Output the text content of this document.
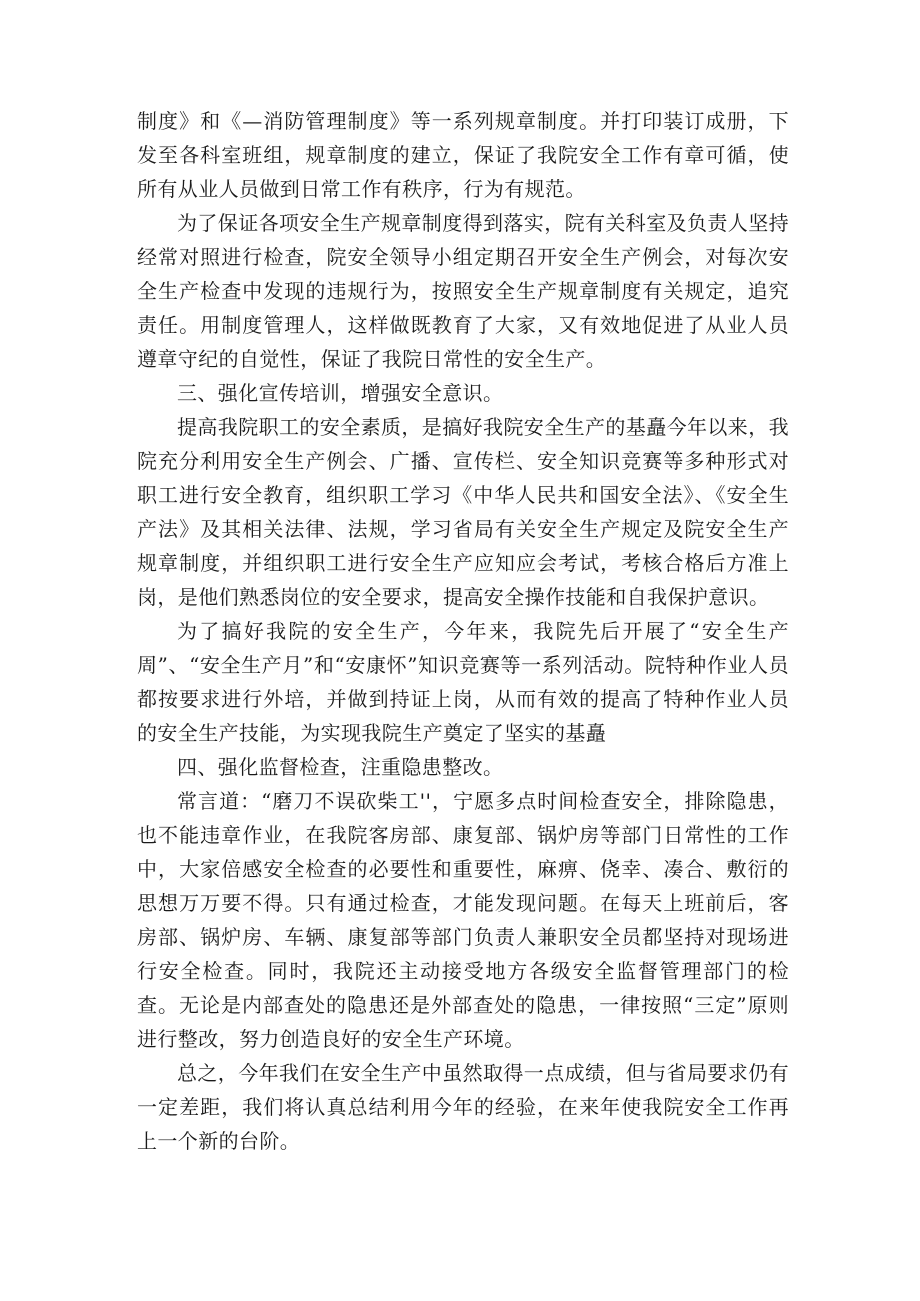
制度》和《—消防管理制度》等一系列规章制度。并打印装订成册，下发至各科室班组，规章制度的建立，保证了我院安全工作有章可循，使所有从业人员做到日常工作有秩序，行为有规范。

为了保证各项安全生产规章制度得到落实，院有关科室及负责人坚持经常对照进行检查，院安全领导小组定期召开安全生产例会，对每次安全生产检查中发现的违规行为，按照安全生产规章制度有关规定，追究责任。用制度管理人，这样做既教育了大家，又有效地促进了从业人员遵章守纪的自觉性，保证了我院日常性的安全生产。

三、强化宣传培训，增强安全意识。

提高我院职工的安全素质，是搞好我院安全生产的基矗今年以来，我院充分利用安全生产例会、广播、宣传栏、安全知识竞赛等多种形式对职工进行安全教育，组织职工学习《中华人民共和国安全法》、《安全生产法》及其相关法律、法规，学习省局有关安全生产规定及院安全生产规章制度，并组织职工进行安全生产应知应会考试，考核合格后方准上岗，是他们熟悉岗位的安全要求，提高安全操作技能和自我保护意识。

为了搞好我院的安全生产，今年来，我院先后开展了“安全生产周”、“安全生产月”和“安康怀”知识竞赛等一系列活动。院特种作业人员都按要求进行外培，并做到持证上岗，从而有效的提高了特种作业人员的安全生产技能，为实现我院生产奠定了坚实的基矗

四、强化监督检查，注重隐患整改。

常言道：“磨刀不误砍柴工''，宁愿多点时间检查安全，排除隐患，也不能违章作业，在我院客房部、康复部、锅炉房等部门日常性的工作中，大家倍感安全检查的必要性和重要性，麻痹、侥幸、凑合、敷衍的思想万万要不得。只有通过检查，才能发现问题。在每天上班前后，客房部、锅炉房、车辆、康复部等部门负责人兼职安全员都坚持对现场进行安全检查。同时，我院还主动接受地方各级安全监督管理部门的检查。无论是内部查处的隐患还是外部查处的隐患，一律按照“三定”原则进行整改，努力创造良好的安全生产环境。

总之，今年我们在安全生产中虽然取得一点成绩，但与省局要求仍有一定差距，我们将认真总结利用今年的经验，在来年使我院安全工作再上一个新的台阶。
